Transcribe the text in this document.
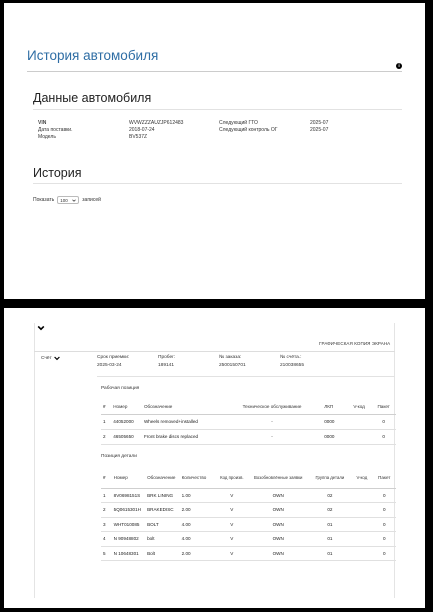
История автомобиля
i
Данные автомобиля
VIN	WVWZZZAUZJP612483
Дата поставки.	2018-07-24
Модель	BV537Z
Следующий ГТО	2025-07
Следующий контроль ОГ	2025-07
История
Показать 100	записей
ГРАФИЧЕСКАЯ КОПИЯ ЭКРАНА
Счёт	Срок приемки:
2025-03-24
Пробег:
189141
№ заказа:
2500150701
№ счёта.:
210038655
Рабочая позиция
#	Номер	Обозначение	Техническое обслуживание	ЛКП	V-код	Пакет
1	44052000	Wheels removed+installed	-	0000		0
2	46505650	Front brake discs replaced	-	0000		0
Позиция детали
#	Номер	Обозначение	Количество	Код произв.	Возобновлённые заявки	Группа детали	V-код	Пакет
1	8V0698151S	BRK LINING	1.00	V	OWN	02		0
2	5Q0615301H	BRAKEDISC	2.00	V	OWN	02		0
3	WHT010085	BOLT	4.00	V	OWN	01		0
4	N 90948802	bolt	4.00	V	OWN	01		0
5	N 10648301	Bolt	2.00	V	OWN	01		0
